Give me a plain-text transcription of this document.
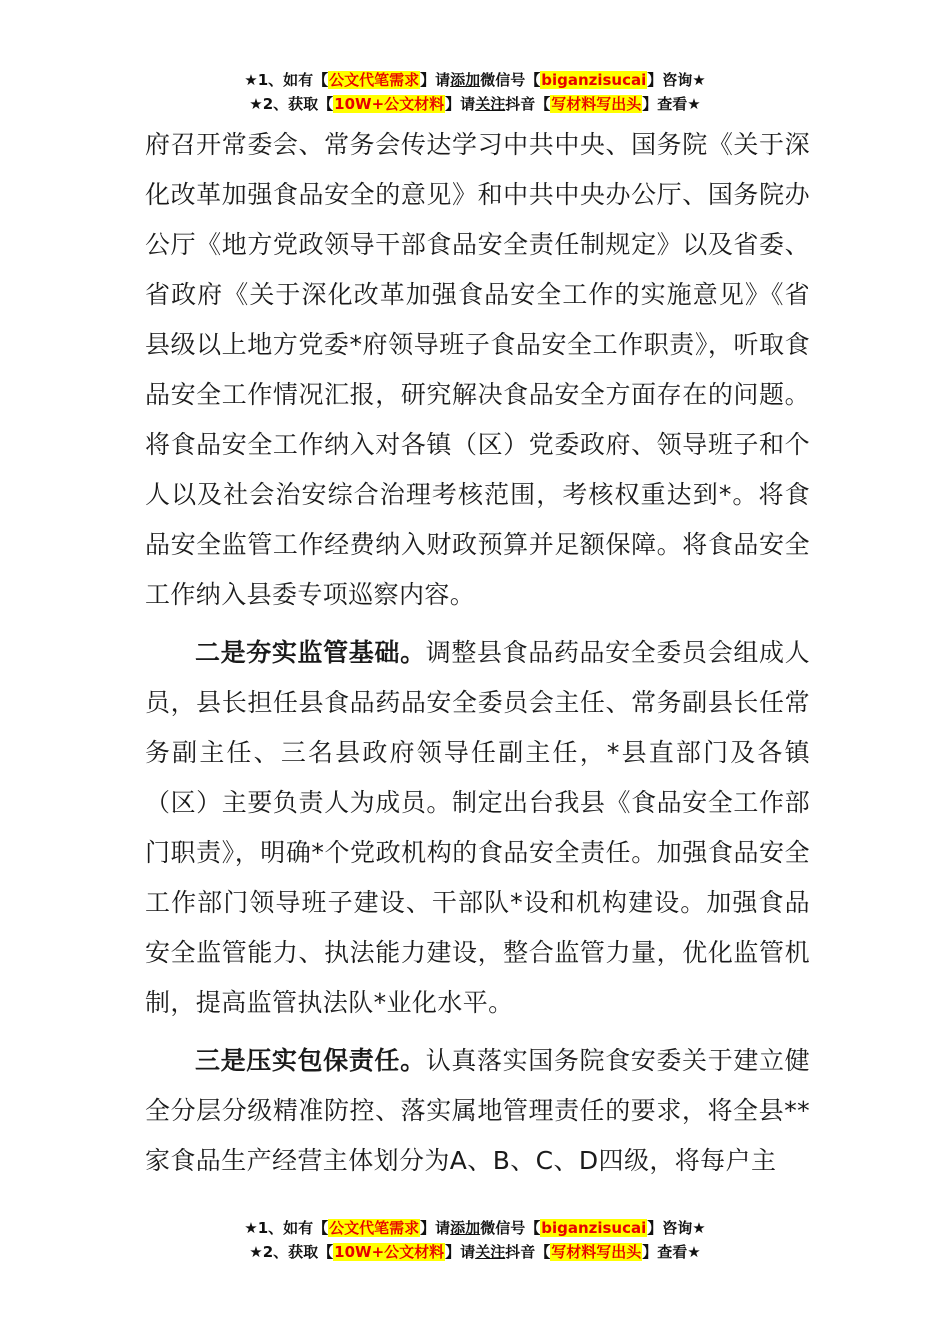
★1、如有【公文代笔需求】请添加微信号【biganzisucai】咨询★
★2、获取【10W+公文材料】请关注抖音【写材料写出头】查看★

府召开常委会、常务会传达学习中共中央、国务院《关于深化改革加强食品安全的意见》和中共中央办公厅、国务院办公厅《地方党政领导干部食品安全责任制规定》以及省委、省政府《关于深化改革加强食品安全工作的实施意见》《省县级以上地方党委*府领导班子食品安全工作职责》，听取食品安全工作情况汇报，研究解决食品安全方面存在的问题。将食品安全工作纳入对各镇（区）党委政府、领导班子和个人以及社会治安综合治理考核范围，考核权重达到*。将食品安全监管工作经费纳入财政预算并足额保障。将食品安全工作纳入县委专项巡察内容。

二是夯实监管基础。调整县食品药品安全委员会组成人员，县长担任县食品药品安全委员会主任、常务副县长任常务副主任、三名县政府领导任副主任，*县直部门及各镇（区）主要负责人为成员。制定出台我县《食品安全工作部门职责》，明确*个党政机构的食品安全责任。加强食品安全工作部门领导班子建设、干部队*设和机构建设。加强食品安全监管能力、执法能力建设，整合监管力量，优化监管机制，提高监管执法队*业化水平。

三是压实包保责任。认真落实国务院食安委关于建立健全分层分级精准防控、落实属地管理责任的要求，将全县**家食品生产经营主体划分为A、B、C、D四级，将每户主

★1、如有【公文代笔需求】请添加微信号【biganzisucai】咨询★
★2、获取【10W+公文材料】请关注抖音【写材料写出头】查看★
